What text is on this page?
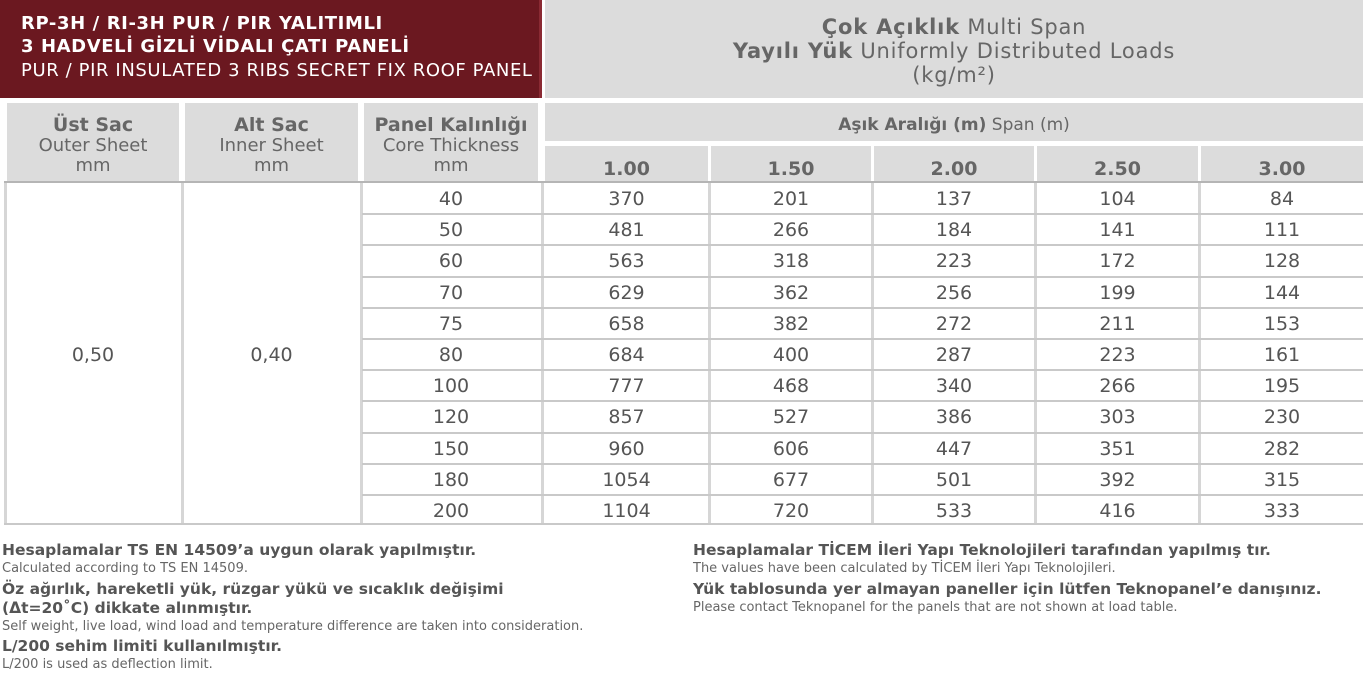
RP-3H / RI-3H PUR / PIR YALITIMLI
3 HADVELİ GİZLİ VİDALI ÇATI PANELİ
PUR / PIR INSULATED 3 RIBS SECRET FIX ROOF PANEL
Çok Açıklık Multi Span
Yayılı Yük Uniformly Distributed Loads
(kg/m²)
Üst Sac
Outer Sheet
mm
Alt Sac
Inner Sheet
mm
Panel Kalınlığı
Core Thickness
mm
Aşık Aralığı (m) Span (m)
1.00	1.50	2.00	2.50	3.00
0,50	0,40
40	370	201	137	104	84
50	481	266	184	141	111
60	563	318	223	172	128
70	629	362	256	199	144
75	658	382	272	211	153
80	684	400	287	223	161
100	777	468	340	266	195
120	857	527	386	303	230
150	960	606	447	351	282
180	1054	677	501	392	315
200	1104	720	533	416	333
Hesaplamalar TS EN 14509’a uygun olarak yapılmıştır.
Calculated according to TS EN 14509.
Öz ağırlık, hareketli yük, rüzgar yükü ve sıcaklık değişimi
(Δt=20˚C) dikkate alınmıştır.
Self weight, live load, wind load and temperature difference are taken into consideration.
L/200 sehim limiti kullanılmıştır.
L/200 is used as deflection limit.
Hesaplamalar TİCEM İleri Yapı Teknolojileri tarafından yapılmış tır.
The values have been calculated by TİCEM İleri Yapı Teknolojileri.
Yük tablosunda yer almayan paneller için lütfen Teknopanel’e danışınız.
Please contact Teknopanel for the panels that are not shown at load table.
